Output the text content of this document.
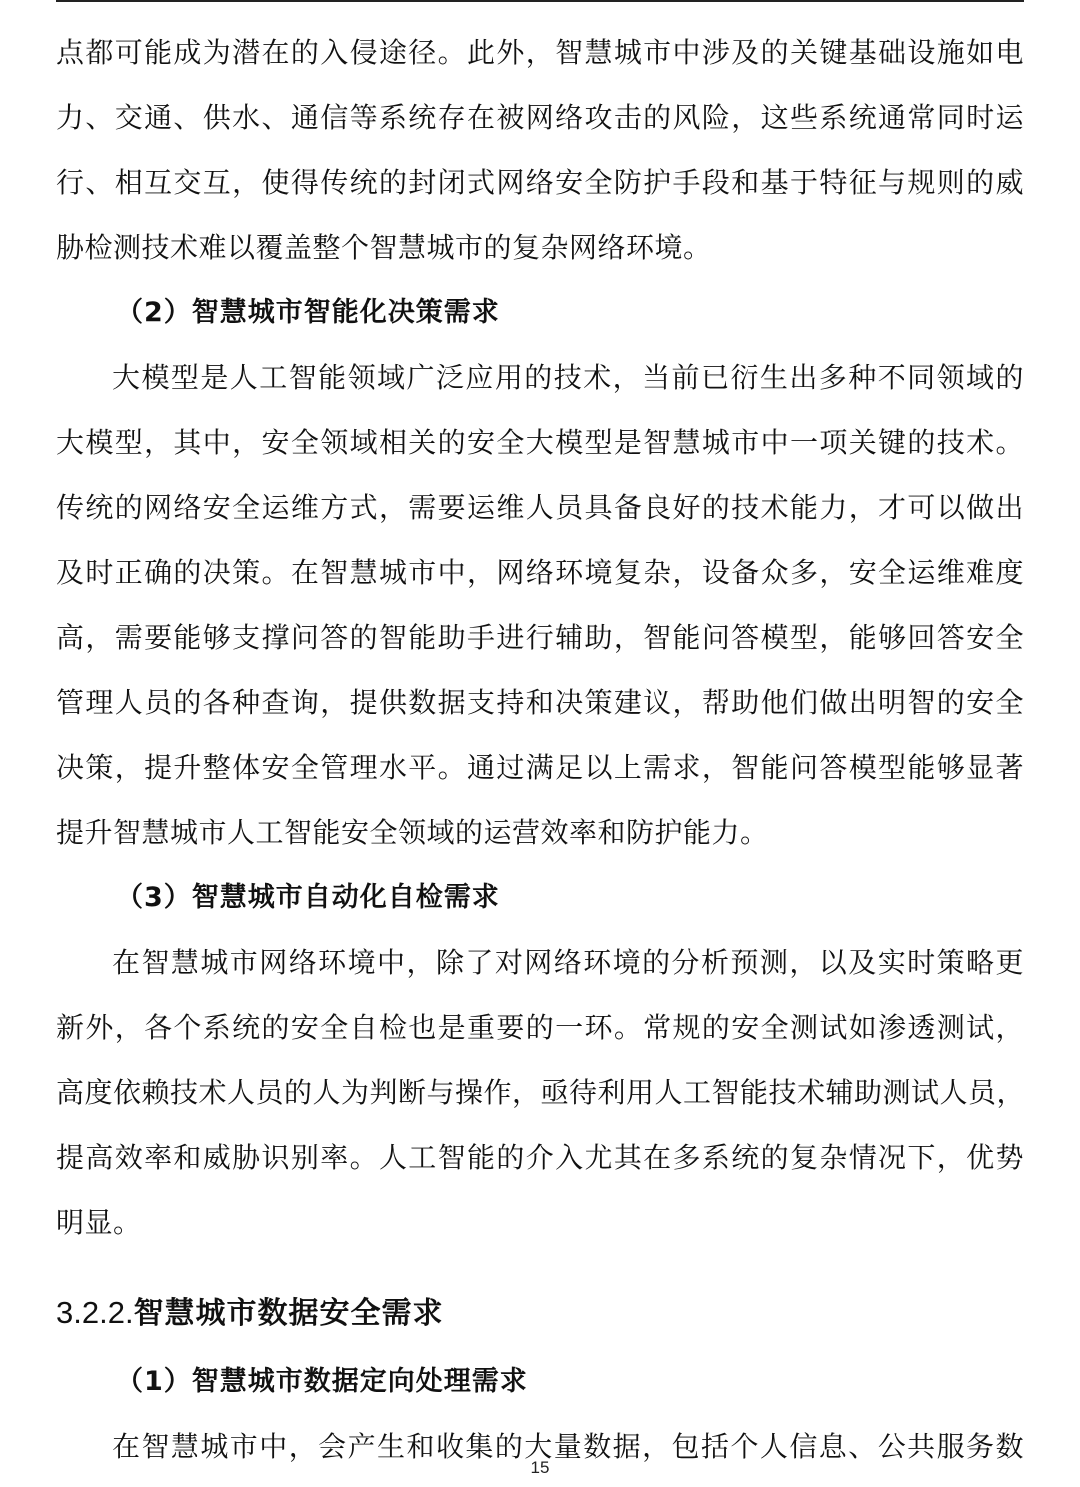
点都可能成为潜在的入侵途径。此外，智慧城市中涉及的关键基础设施如电
力、交通、供水、通信等系统存在被网络攻击的风险，这些系统通常同时运
行、相互交互，使得传统的封闭式网络安全防护手段和基于特征与规则的威
胁检测技术难以覆盖整个智慧城市的复杂网络环境。
（2）智慧城市智能化决策需求
大模型是人工智能领域广泛应用的技术，当前已衍生出多种不同领域的
大模型，其中，安全领域相关的安全大模型是智慧城市中一项关键的技术。
传统的网络安全运维方式，需要运维人员具备良好的技术能力，才可以做出
及时正确的决策。在智慧城市中，网络环境复杂，设备众多，安全运维难度
高，需要能够支撑问答的智能助手进行辅助，智能问答模型，能够回答安全
管理人员的各种查询，提供数据支持和决策建议，帮助他们做出明智的安全
决策，提升整体安全管理水平。通过满足以上需求，智能问答模型能够显著
提升智慧城市人工智能安全领域的运营效率和防护能力。
（3）智慧城市自动化自检需求
在智慧城市网络环境中，除了对网络环境的分析预测，以及实时策略更
新外，各个系统的安全自检也是重要的一环。常规的安全测试如渗透测试，
高度依赖技术人员的人为判断与操作，亟待利用人工智能技术辅助测试人员，
提高效率和威胁识别率。人工智能的介入尤其在多系统的复杂情况下，优势
明显。
3.2.2.智慧城市数据安全需求
（1）智慧城市数据定向处理需求
在智慧城市中，会产生和收集的大量数据，包括个人信息、公共服务数
15
